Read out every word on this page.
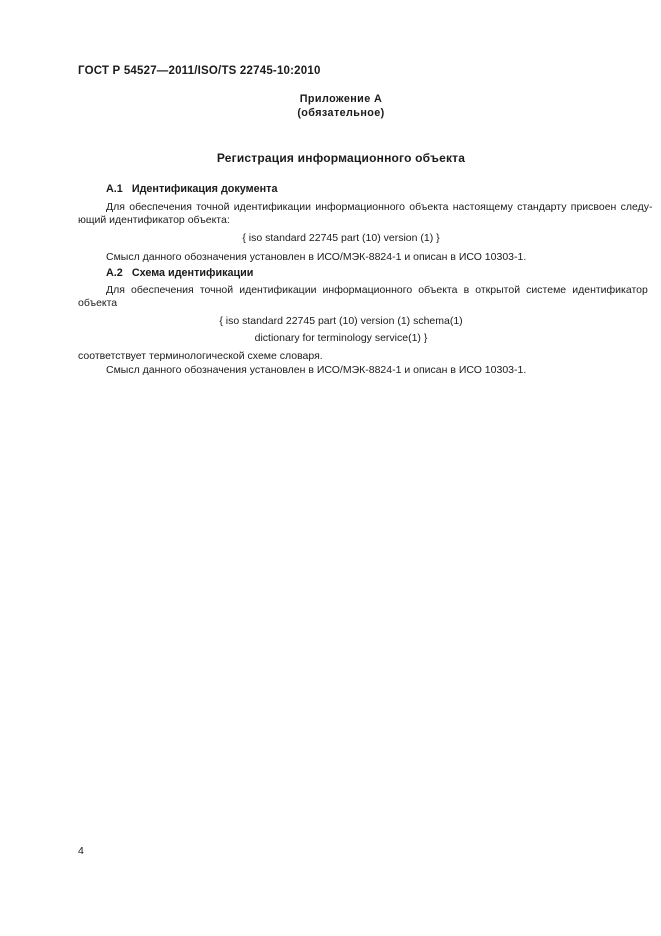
ГОСТ Р 54527—2011/ISO/TS 22745-10:2010
Приложение А
(обязательное)
Регистрация информационного объекта
А.1 Идентификация документа
Для обеспечения точной идентификации информационного объекта настоящему стандарту присвоен следу-
ющий идентификатор объекта:
{ iso standard 22745 part (10) version (1) }
Смысл данного обозначения установлен в ИСО/МЭК-8824-1 и описан в ИСО 10303-1.
А.2 Схема идентификации
Для обеспечения точной идентификации информационного объекта в открытой системе идентификатор
объекта
{ iso standard 22745 part (10) version (1) schema(1)
dictionary for terminology service(1) }
соответствует терминологической схеме словаря.
Смысл данного обозначения установлен в ИСО/МЭК-8824-1 и описан в ИСО 10303-1.
4
